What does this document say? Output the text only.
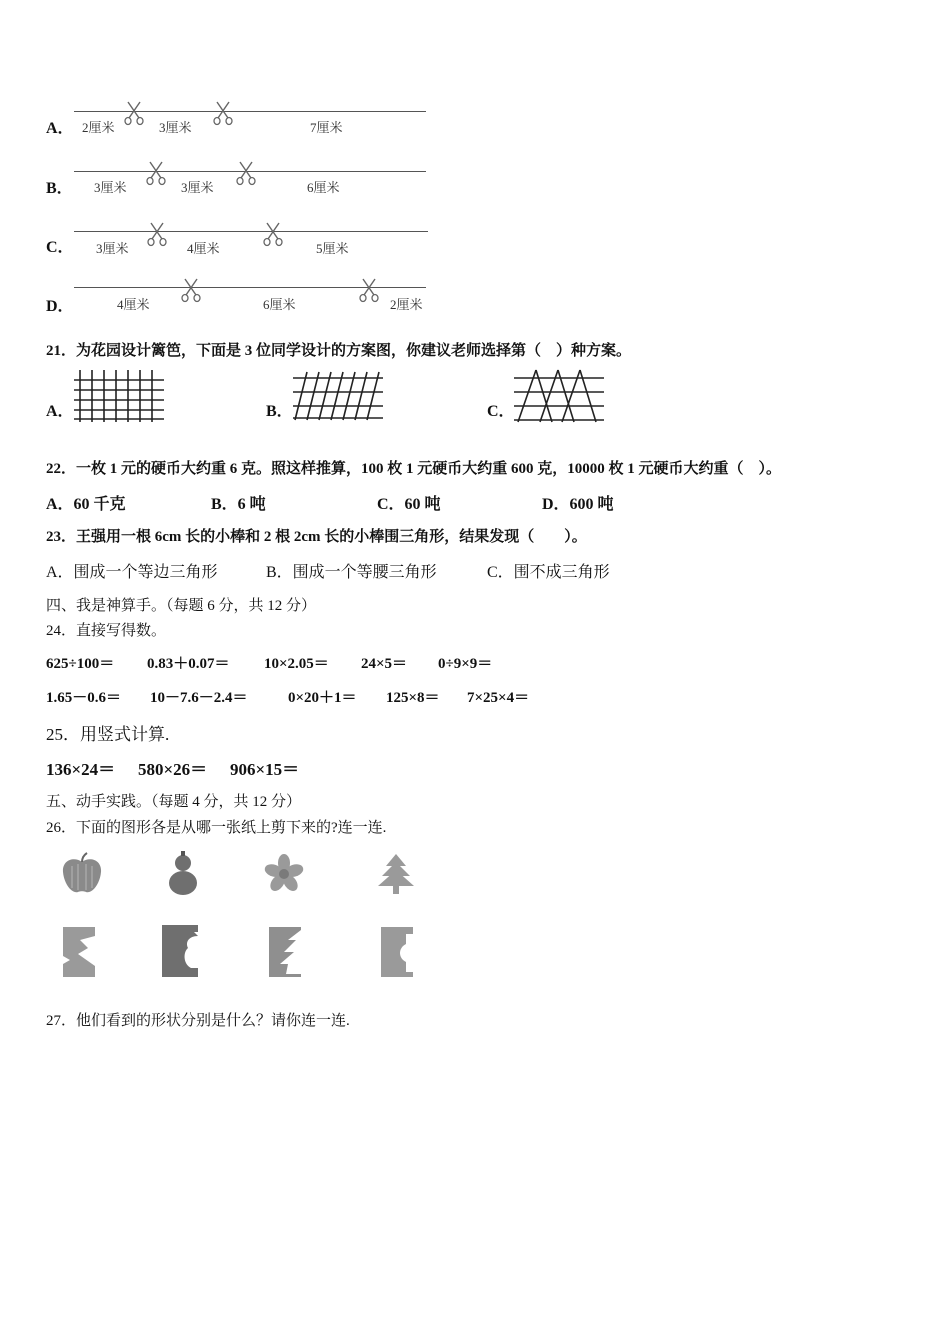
A． 2厘米	3厘米	7厘米
B． 3厘米	3厘米	6厘米
C． 3厘米	4厘米	5厘米
D．	4厘米	6厘米	2厘米
21．为花园设计篱笆，下面是 3 位同学设计的方案图，你建议老师选择第（　）种方案。
A．	B．	C．
22．一枚 1 元的硬币大约重 6 克。照这样推算，100 枚 1 元硬币大约重 600 克，10000 枚 1 元硬币大约重（　）。
A．60 千克	B．6 吨	C．60 吨	D．600 吨
23．王强用一根 6cm 长的小棒和 2 根 2cm 长的小棒围三角形，结果发现（　　）。
A．围成一个等边三角形	B．围成一个等腰三角形	C．围不成三角形
四、我是神算手。（每题 6 分，共 12 分）
24．直接写得数。
625÷100＝ 0.83＋0.07＝ 10×2.05＝ 24×5＝ 0÷9×9＝
1.65－0.6＝ 10－7.6－2.4＝	0×20＋1＝ 125×8＝ 7×25×4＝
25．用竖式计算.
136×24＝ 580×26＝ 906×15＝
五、动手实践。（每题 4 分，共 12 分）
26．下面的图形各是从哪一张纸上剪下来的?连一连.
27．他们看到的形状分别是什么？请你连一连.
